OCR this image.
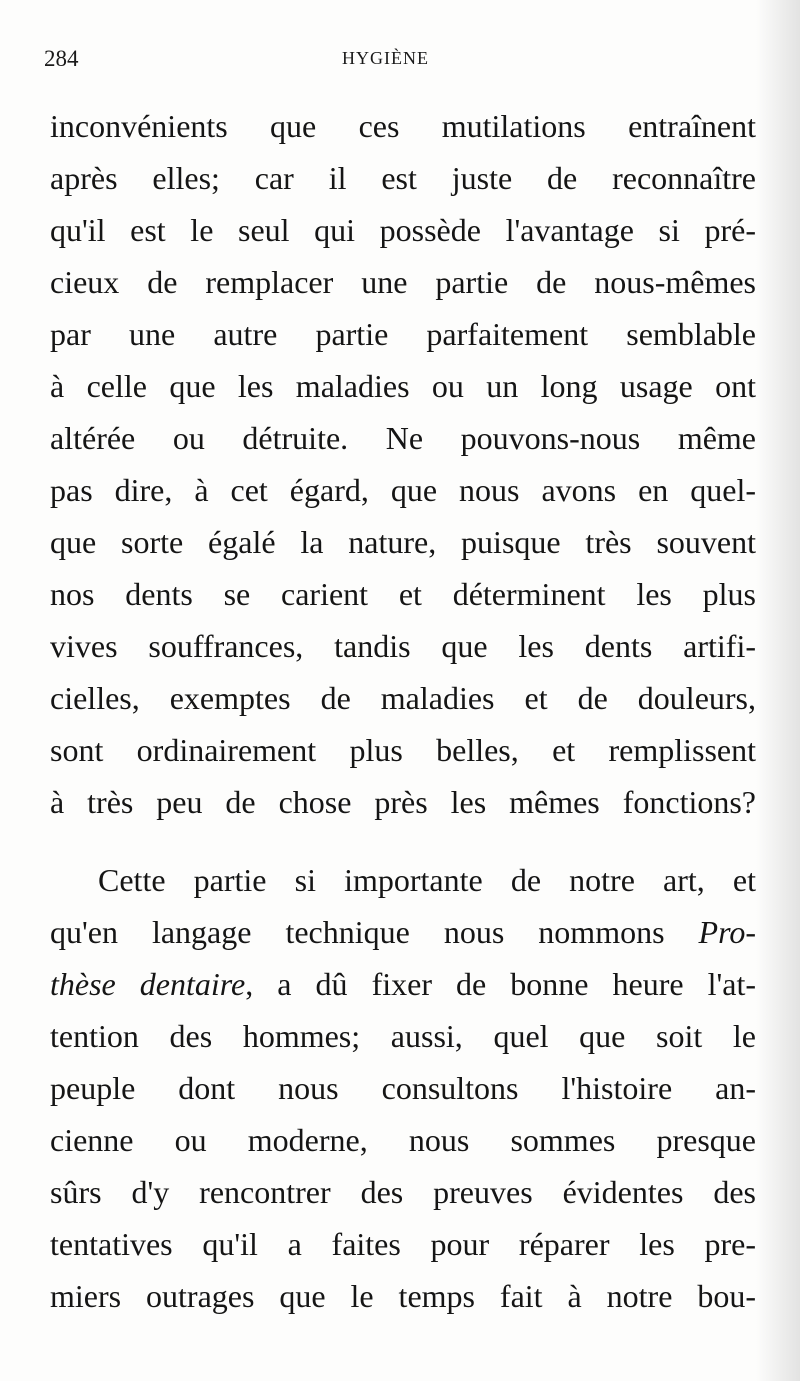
284	HYGIÈNE
inconvénients que ces mutilations entraînent
après elles; car il est juste de reconnaître
qu'il est le seul qui possède l'avantage si pré-
cieux de remplacer une partie de nous-mêmes
par une autre partie parfaitement semblable
à celle que les maladies ou un long usage ont
altérée ou détruite. Ne pouvons-nous même
pas dire, à cet égard, que nous avons en quel-
que sorte égalé la nature, puisque très souvent
nos dents se carient et déterminent les plus
vives souffrances, tandis que les dents artifi-
cielles, exemptes de maladies et de douleurs,
sont ordinairement plus belles, et remplissent
à très peu de chose près les mêmes fonctions?
Cette partie si importante de notre art, et
qu'en langage technique nous nommons Pro-
thèse dentaire, a dû fixer de bonne heure l'at-
tention des hommes; aussi, quel que soit le
peuple dont nous consultons l'histoire an-
cienne ou moderne, nous sommes presque
sûrs d'y rencontrer des preuves évidentes des
tentatives qu'il a faites pour réparer les pre-
miers outrages que le temps fait à notre bou-
